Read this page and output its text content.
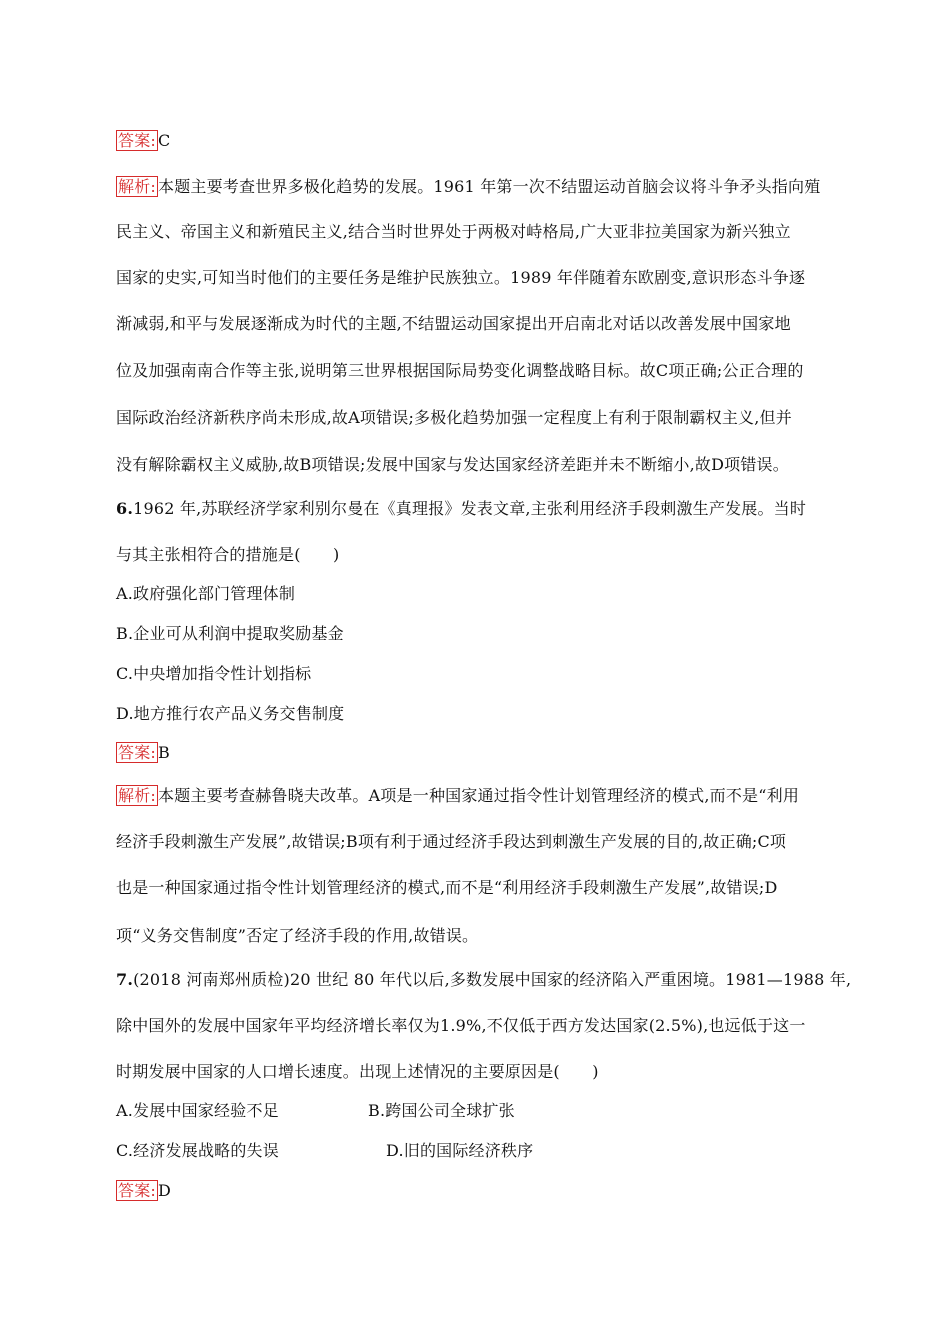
答案: C
解析: 本题主要考查世界多极化趋势的发展。1961 年第一次不结盟运动首脑会议将斗争矛头指向殖
民主义、帝国主义和新殖民主义,结合当时世界处于两极对峙格局,广大亚非拉美国家为新兴独立
国家的史实,可知当时他们的主要任务是维护民族独立。1989 年伴随着东欧剧变,意识形态斗争逐
渐减弱,和平与发展逐渐成为时代的主题,不结盟运动国家提出开启南北对话以改善发展中国家地
位及加强南南合作等主张,说明第三世界根据国际局势变化调整战略目标。故C项正确;公正合理的
国际政治经济新秩序尚未形成,故A项错误;多极化趋势加强一定程度上有利于限制霸权主义,但并
没有解除霸权主义威胁,故B项错误;发展中国家与发达国家经济差距并未不断缩小,故D项错误。
6.1962 年,苏联经济学家利别尔曼在《真理报》发表文章,主张利用经济手段刺激生产发展。当时
与其主张相符合的措施是(　　)
A.政府强化部门管理体制
B.企业可从利润中提取奖励基金
C.中央增加指令性计划指标
D.地方推行农产品义务交售制度
答案: B
解析: 本题主要考查赫鲁晓夫改革。A项是一种国家通过指令性计划管理经济的模式,而不是“利用
经济手段刺激生产发展”,故错误;B项有利于通过经济手段达到刺激生产发展的目的,故正确;C项
也是一种国家通过指令性计划管理经济的模式,而不是“利用经济手段刺激生产发展”,故错误;D
项“义务交售制度”否定了经济手段的作用,故错误。
7.(2018 河南郑州质检)20 世纪 80 年代以后,多数发展中国家的经济陷入严重困境。1981—1988 年,
除中国外的发展中国家年平均经济增长率仅为1.9%,不仅低于西方发达国家(2.5%),也远低于这一
时期发展中国家的人口增长速度。出现上述情况的主要原因是(　　)
A.发展中国家经验不足	B.跨国公司全球扩张
C.经济发展战略的失误	D.旧的国际经济秩序
答案: D
